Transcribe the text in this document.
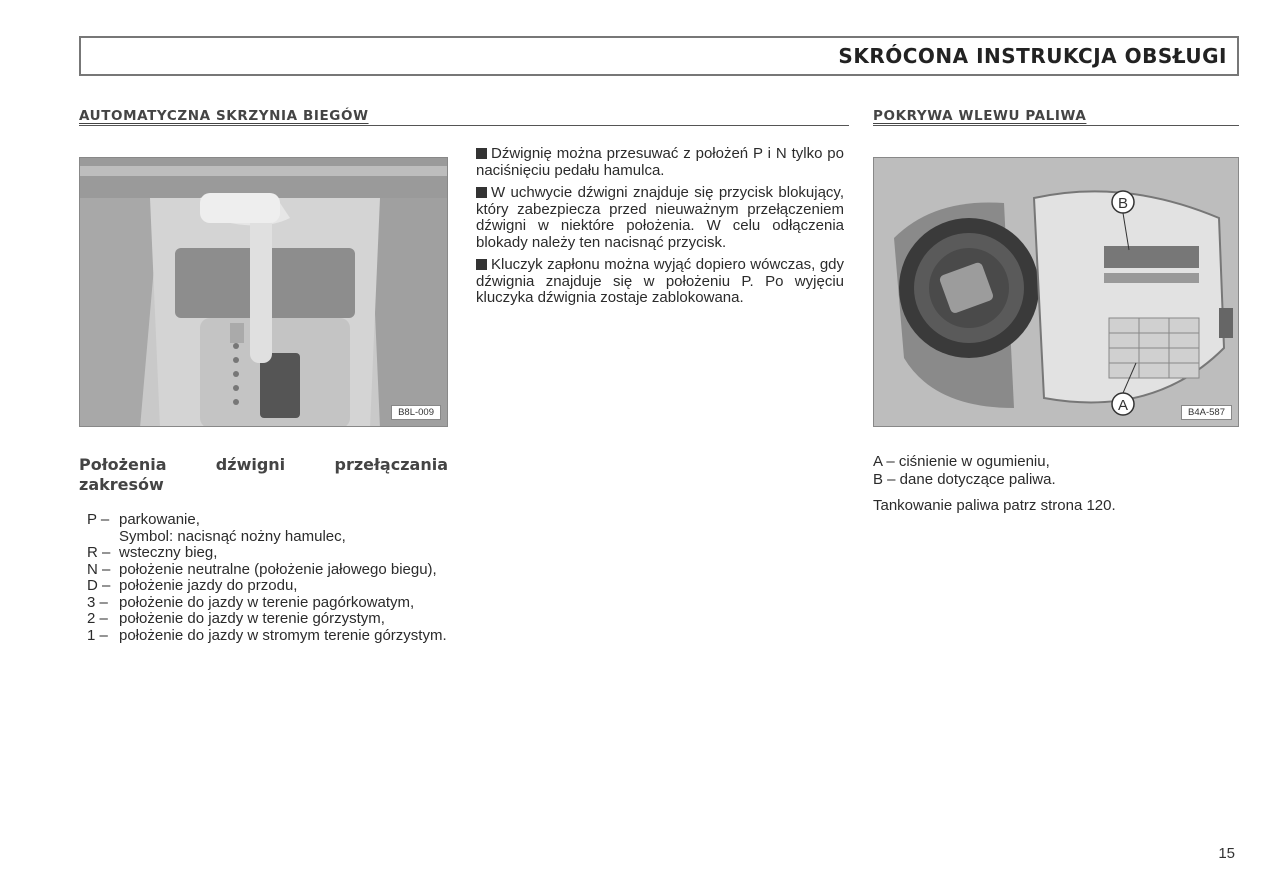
SKRÓCONA INSTRUKCJA OBSŁUGI
AUTOMATYCZNA SKRZYNIA BIEGÓW
B8L-009
Położenia dźwigni przełączania zakresów
P – parkowanie,
Symbol: nacisnąć nożny hamulec,
R – wsteczny bieg,
N – położenie neutralne (położenie jałowego biegu),
D – położenie jazdy do przodu,
3 – położenie do jazdy w terenie pagórkowatym,
2 – położenie do jazdy w terenie górzystym,
1 – położenie do jazdy w stromym terenie górzystym.

Dźwignię można przesuwać z położeń P i N tylko po naciśnięciu pedału hamulca.

W uchwycie dźwigni znajduje się przycisk blokujący, który zabezpiecza przed nieuważnym przełączeniem dźwigni w niektóre położenia. W celu odłączenia blokady należy ten nacisnąć przycisk.

Kluczyk zapłonu można wyjąć dopiero wówczas, gdy dźwignia znajduje się w położeniu P. Po wyjęciu kluczyka dźwignia zostaje zablokowana.

POKRYWA WLEWU PALIWA
B
A	B4A-587
A – ciśnienie w ogumieniu,
B – dane dotyczące paliwa.
Tankowanie paliwa patrz strona 120.
15
